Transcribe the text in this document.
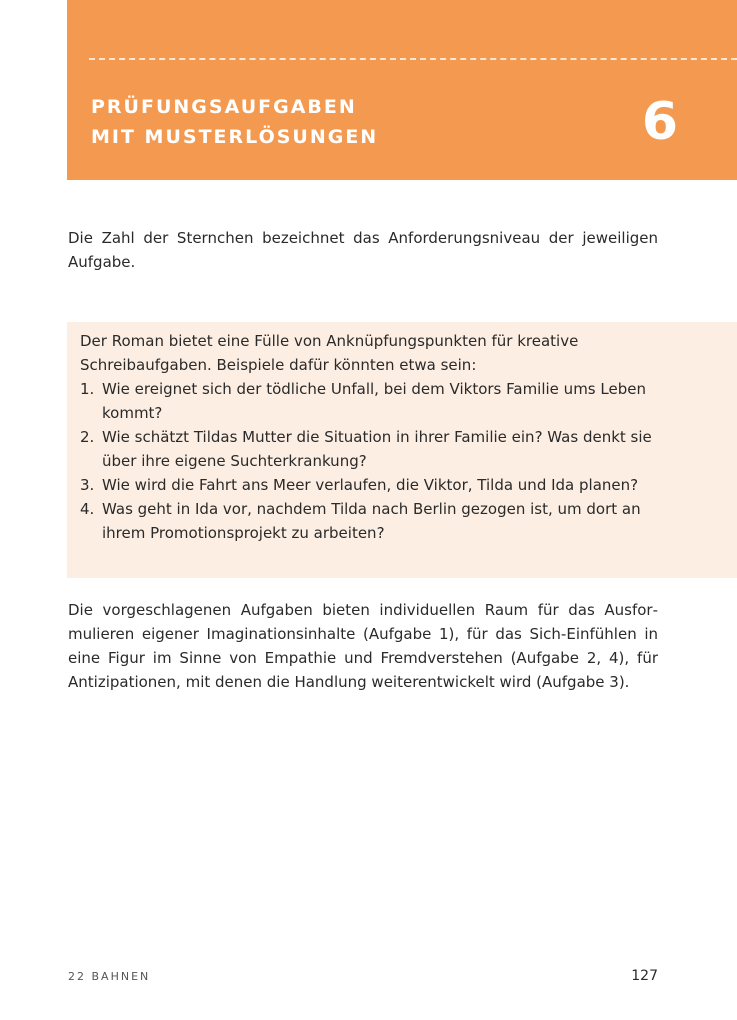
PRÜFUNGSAUFGABEN
MIT MUSTERLÖSUNGEN	6

Die Zahl der Sternchen bezeichnet das Anforderungsniveau der jeweiligen Aufgabe.

Der Roman bietet eine Fülle von Anknüpfungspunkten für kreative Schreibaufgaben. Beispiele dafür könnten etwa sein:

1. Wie ereignet sich der tödliche Unfall, bei dem Viktors Familie ums Leben kommt?
2. Wie schätzt Tildas Mutter die Situation in ihrer Familie ein? Was denkt sie über ihre eigene Suchterkrankung?
3. Wie wird die Fahrt ans Meer verlaufen, die Viktor, Tilda und Ida planen?
4. Was geht in Ida vor, nachdem Tilda nach Berlin gezogen ist, um dort an ihrem Promotionsprojekt zu arbeiten?

Die vorgeschlagenen Aufgaben bieten individuellen Raum für das Ausformulieren eigener Imaginationsinhalte (Aufgabe 1), für das Sich-Einfühlen in eine Figur im Sinne von Empathie und Fremdverstehen (Aufgabe 2, 4), für Antizipationen, mit denen die Handlung weiterentwickelt wird (Aufgabe 3).

22 BAHNEN	127
